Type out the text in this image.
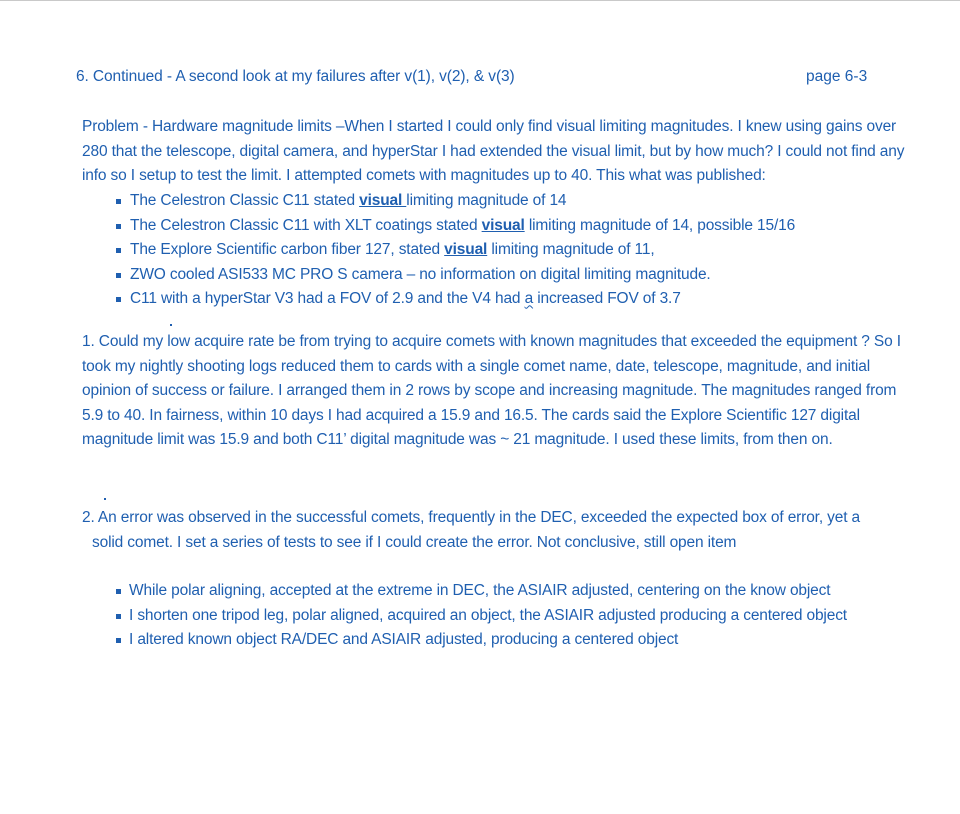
6. Continued - A second look at my failures after v(1), v(2), & v(3)	page 6-3
Problem - Hardware magnitude limits –When I started I could only find visual limiting magnitudes. I knew using gains over 280 that the telescope, digital camera, and hyperStar I had extended the visual limit, but by how much? I could not find any info so I setup to test the limit. I attempted comets with magnitudes up to 40. This what was published:
The Celestron Classic C11 stated visual limiting magnitude of 14
The Celestron Classic C11 with XLT coatings stated visual limiting magnitude of 14, possible 15/16
The Explore Scientific carbon fiber 127, stated visual limiting magnitude of 11,
ZWO cooled ASI533 MC PRO S camera – no information on digital limiting magnitude.
C11 with a hyperStar V3 had a FOV of 2.9 and the V4 had a increased FOV of 3.7
1. Could my low acquire rate be from trying to acquire comets with known magnitudes that exceeded the equipment ? So I took my nightly shooting logs reduced them to cards with a single comet name, date, telescope, magnitude, and initial opinion of success or failure. I arranged them in 2 rows by scope and increasing magnitude. The magnitudes ranged from 5.9 to 40. In fairness, within 10 days I had acquired a 15.9 and 16.5. The cards said the Explore Scientific 127 digital magnitude limit was 15.9 and both C11’ digital magnitude was ~ 21 magnitude. I used these limits, from then on.
2. An error was observed in the successful comets, frequently in the DEC, exceeded the expected box of error, yet a
solid comet. I set a series of tests to see if I could create the error. Not conclusive, still open item
While polar aligning, accepted at the extreme in DEC, the ASIAIR adjusted, centering on the know object
I shorten one tripod leg, polar aligned, acquired an object, the ASIAIR adjusted producing a centered object
I altered known object RA/DEC and ASIAIR adjusted, producing a centered object
